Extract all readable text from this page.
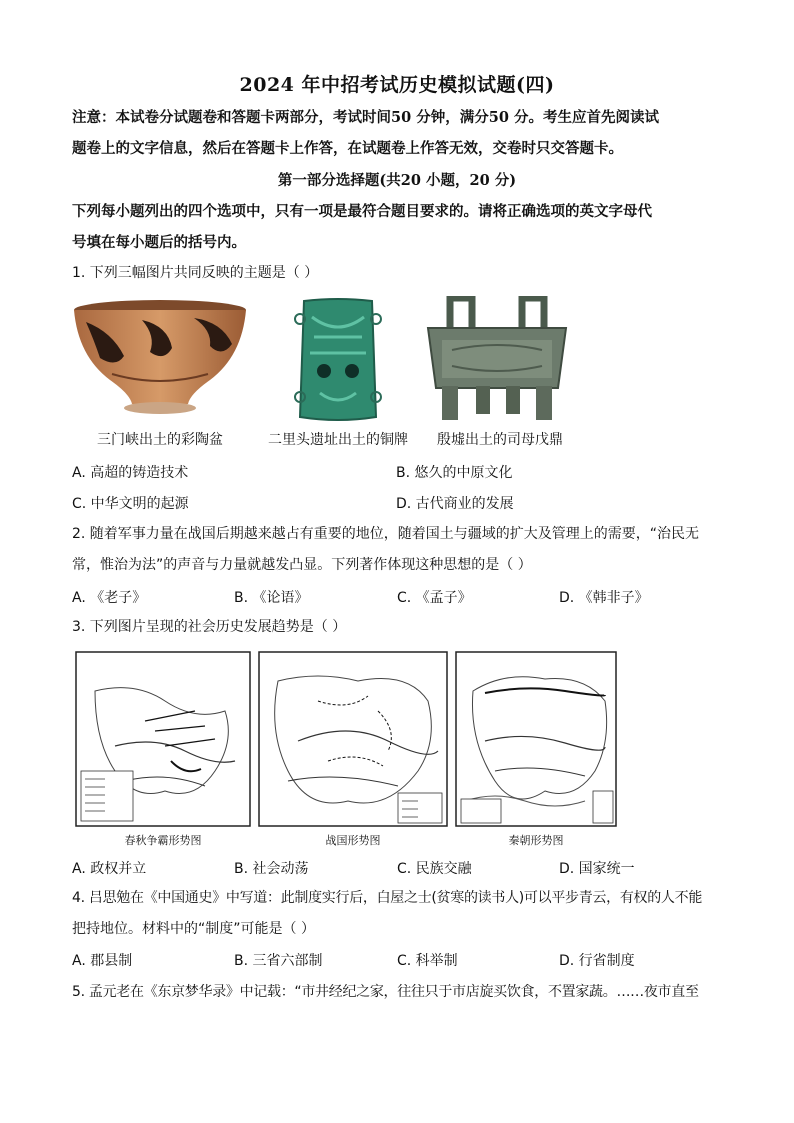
2024 年中招考试历史模拟试题(四)
注意：本试卷分试题卷和答题卡两部分，考试时间50 分钟，满分50 分。考生应首先阅读试
题卷上的文字信息，然后在答题卡上作答，在试题卷上作答无效，交卷时只交答题卡。
第一部分选择题(共20 小题，20 分)
下列每小题列出的四个选项中，只有一项是最符合题目要求的。请将正确选项的英文字母代
号填在每小题后的括号内。
1. 下列三幅图片共同反映的主题是（ ）
三门峡出土的彩陶盆	二里头遗址出土的铜牌	殷墟出土的司母戊鼎
A. 高超的铸造技术	B. 悠久的中原文化
C. 中华文明的起源	D. 古代商业的发展
2. 随着军事力量在战国后期越来越占有重要的地位，随着国土与疆域的扩大及管理上的需要，“治民无
常，惟治为法”的声音与力量就越发凸显。下列著作体现这种思想的是（ ）
A. 《老子》	B. 《论语》	C. 《孟子》	D. 《韩非子》
3. 下列图片呈现的社会历史发展趋势是（ ）
春秋争霸形势图	战国形势图	秦朝形势图
A. 政权并立	B. 社会动荡	C. 民族交融	D. 国家统一
4. 吕思勉在《中国通史》中写道：此制度实行后，白屋之士(贫寒的读书人)可以平步青云，有权的人不能
把持地位。材料中的“制度”可能是（ ）
A. 郡县制	B. 三省六部制	C. 科举制	D. 行省制度
5. 孟元老在《东京梦华录》中记载：“市井经纪之家，往往只于市店旋买饮食，不置家蔬。……夜市直至
